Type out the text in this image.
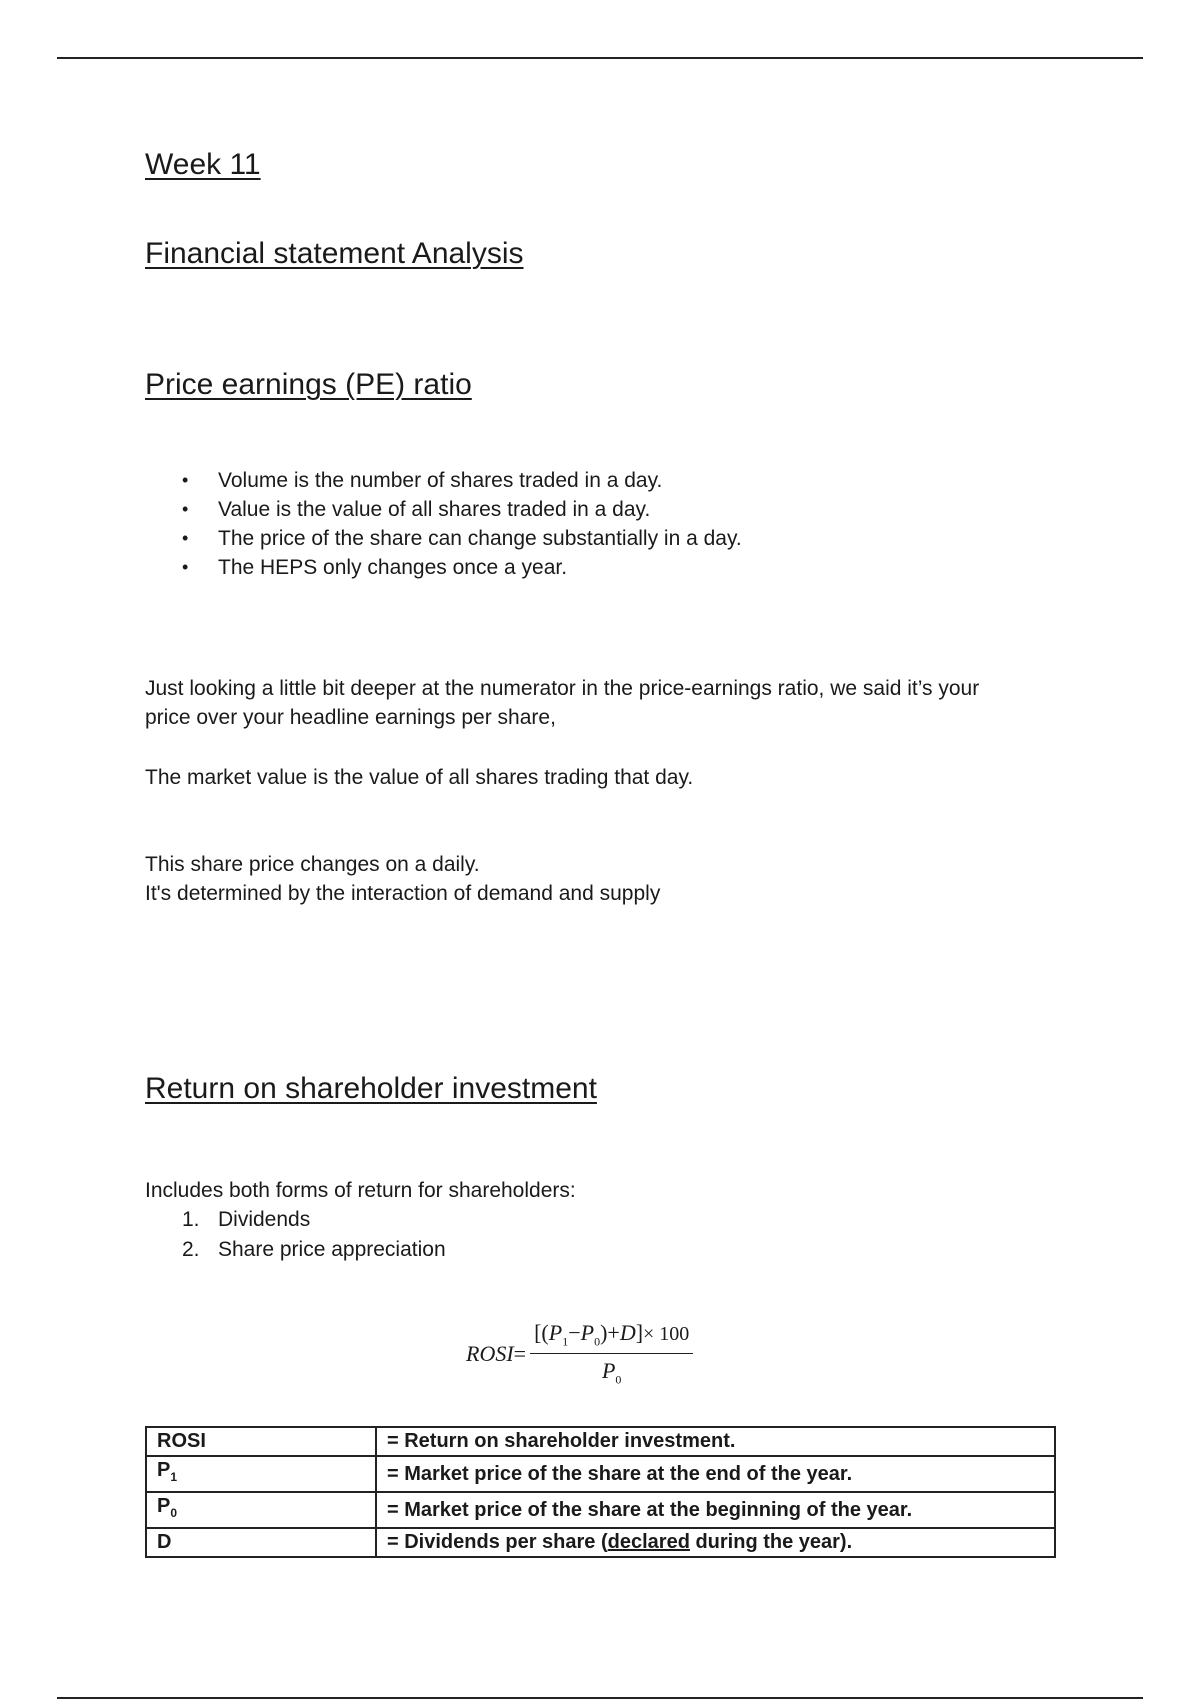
Week 11
Financial statement Analysis
Price earnings (PE) ratio
• Volume is the number of shares traded in a day.
• Value is the value of all shares traded in a day.
• The price of the share can change substantially in a day.
• The HEPS only changes once a year.
Just looking a little bit deeper at the numerator in the price-earnings ratio, we said it’s your
price over your headline earnings per share,

The market value is the value of all shares trading that day.

This share price changes on a daily.
It's determined by the interaction of demand and supply
Return on shareholder investment

Includes both forms of return for shareholders:

1. Dividends
2. Share price appreciation
ROSI= $\frac{[(P_1-P_0)+D]\times 100}{P_0}$
ROSI	= Return on shareholder investment.
$P_1$	= Market price of the share at the end of the year.
$P_0$	= Market price of the share at the beginning of the year.
D	= Dividends per share (declared during the year).
